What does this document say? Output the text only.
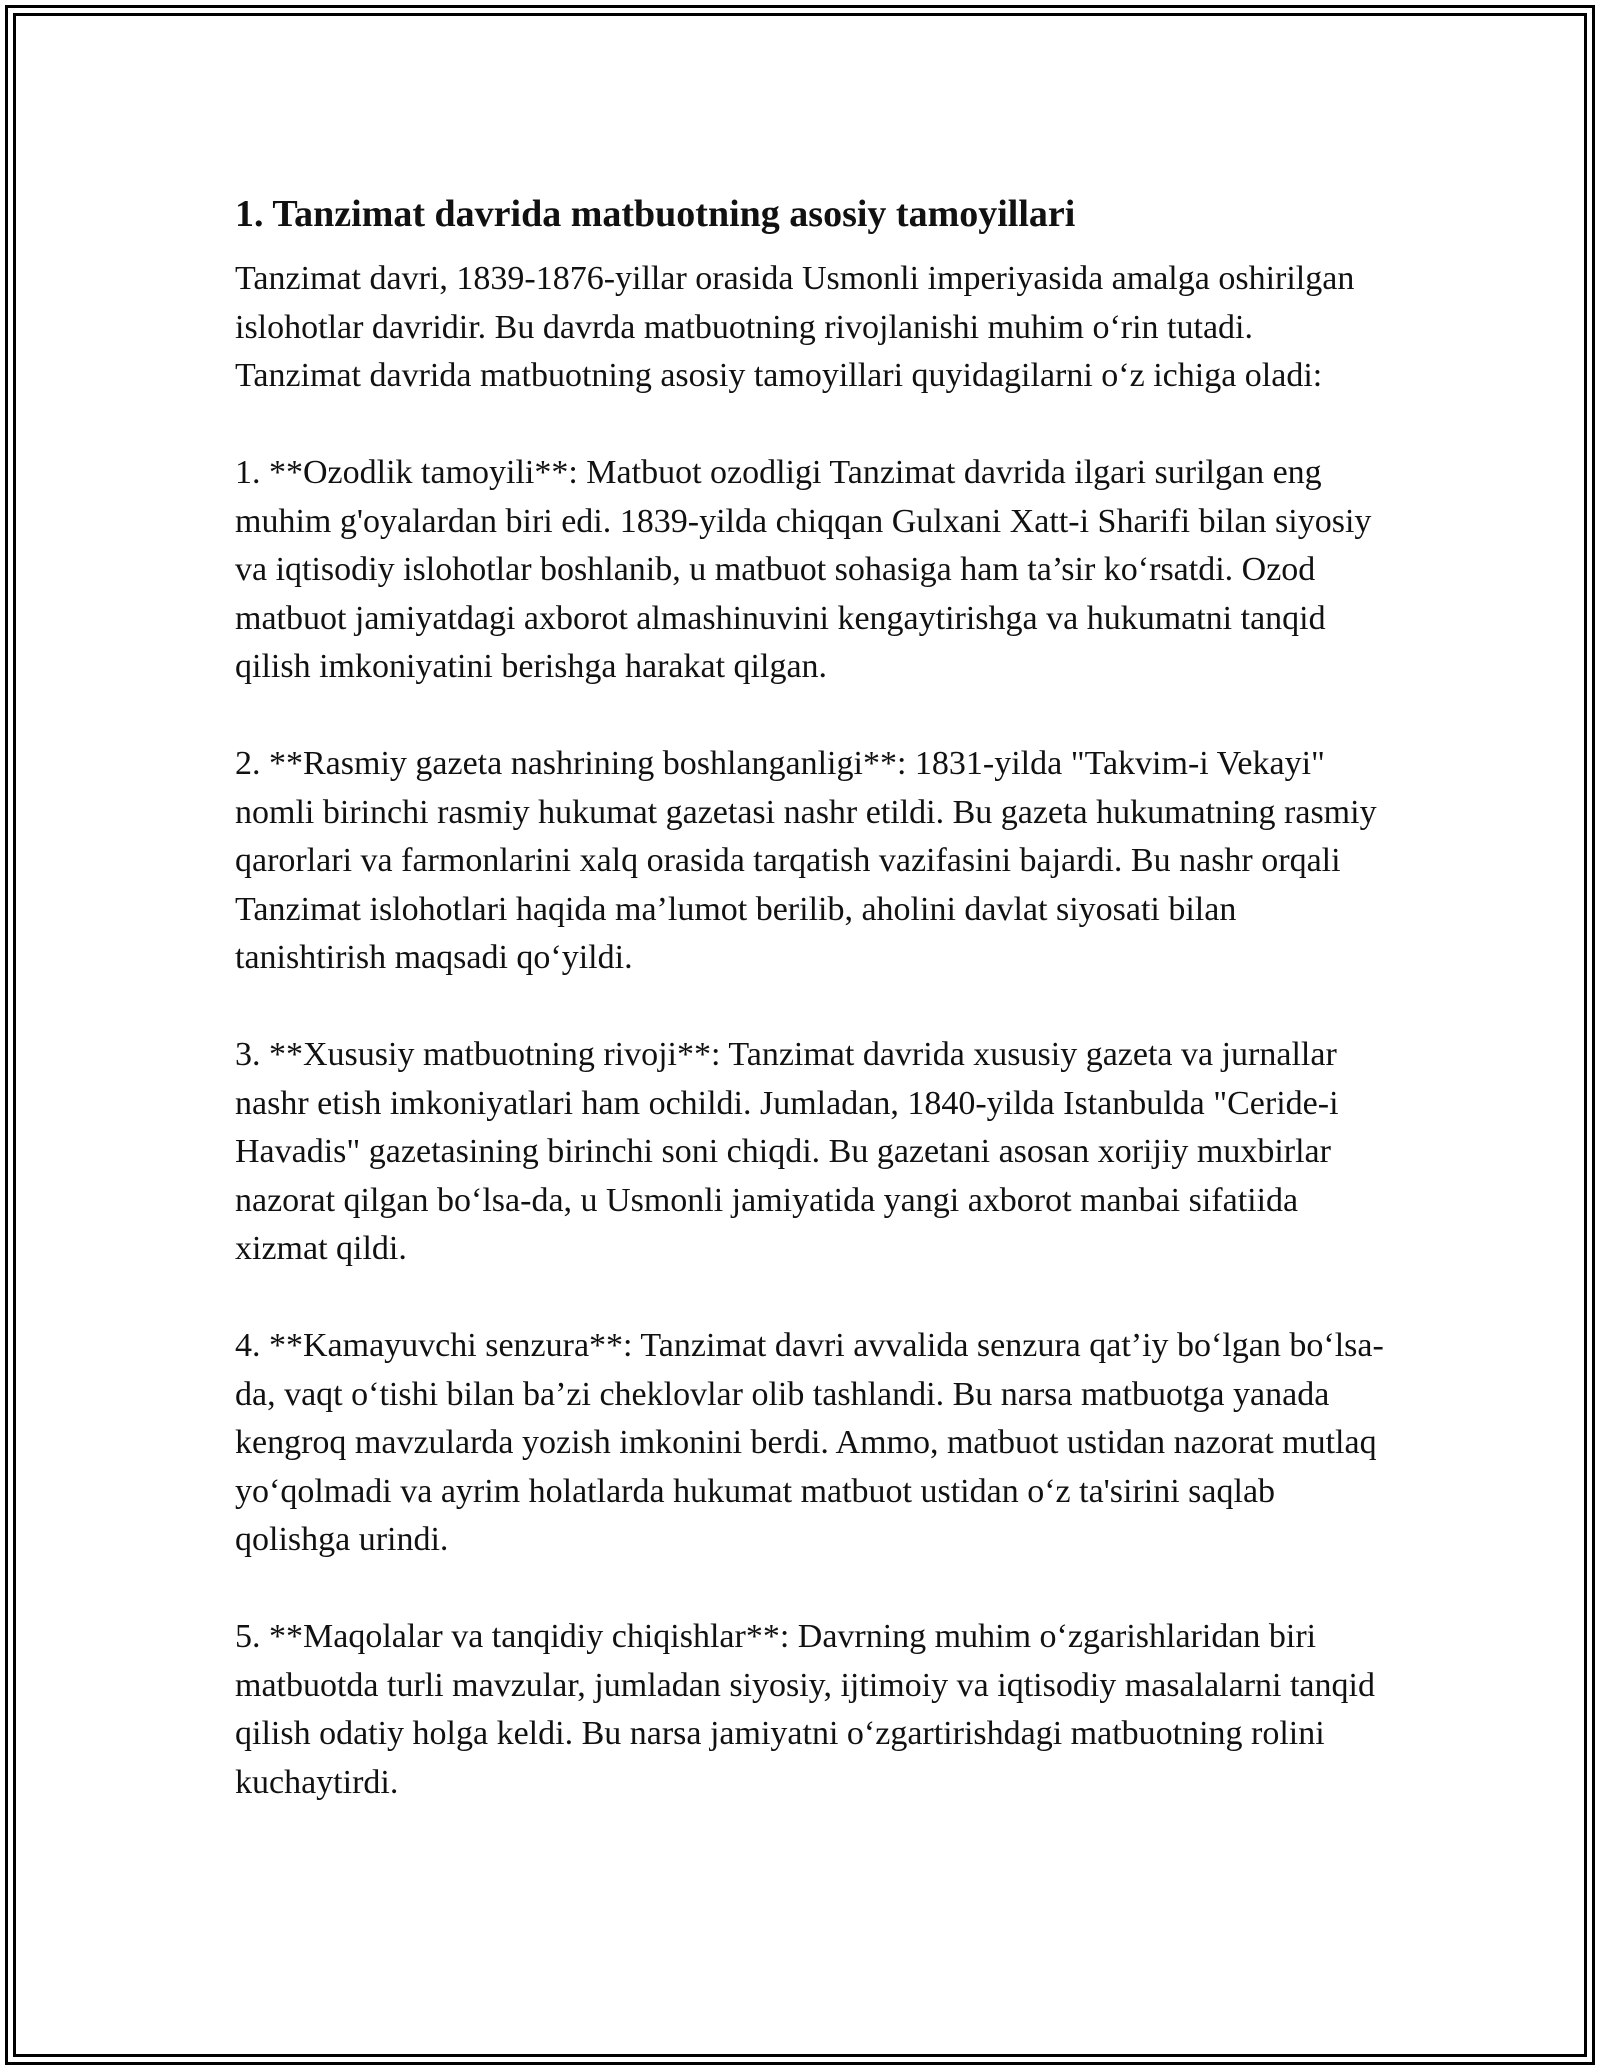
1. Tanzimat davrida matbuotning asosiy tamoyillari

Tanzimat davri, 1839-1876-yillar orasida Usmonli imperiyasida amalga oshirilgan islohotlar davridir. Bu davrda matbuotning rivojlanishi muhim o‘rin tutadi. Tanzimat davrida matbuotning asosiy tamoyillari quyidagilarni o‘z ichiga oladi:

1. **Ozodlik tamoyili**: Matbuot ozodligi Tanzimat davrida ilgari surilgan eng muhim g'oyalardan biri edi. 1839-yilda chiqqan Gulxani Xatt-i Sharifi bilan siyosiy va iqtisodiy islohotlar boshlanib, u matbuot sohasiga ham ta’sir ko‘rsatdi. Ozod matbuot jamiyatdagi axborot almashinuvini kengaytirishga va hukumatni tanqid qilish imkoniyatini berishga harakat qilgan.

2. **Rasmiy gazeta nashrining boshlanganligi**: 1831-yilda "Takvim-i Vekayi" nomli birinchi rasmiy hukumat gazetasi nashr etildi. Bu gazeta hukumatning rasmiy qarorlari va farmonlarini xalq orasida tarqatish vazifasini bajardi. Bu nashr orqali Tanzimat islohotlari haqida ma’lumot berilib, aholini davlat siyosati bilan tanishtirish maqsadi qo‘yildi.

3. **Xususiy matbuotning rivoji**: Tanzimat davrida xususiy gazeta va jurnallar nashr etish imkoniyatlari ham ochildi. Jumladan, 1840-yilda Istanbulda "Ceride-i Havadis" gazetasining birinchi soni chiqdi. Bu gazetani asosan xorijiy muxbirlar nazorat qilgan bo‘lsa-da, u Usmonli jamiyatida yangi axborot manbai sifatiida xizmat qildi.

4. **Kamayuvchi senzura**: Tanzimat davri avvalida senzura qat’iy bo‘lgan bo‘lsa-da, vaqt o‘tishi bilan ba’zi cheklovlar olib tashlandi. Bu narsa matbuotga yanada kengroq mavzularda yozish imkonini berdi. Ammo, matbuot ustidan nazorat mutlaq yo‘qolmadi va ayrim holatlarda hukumat matbuot ustidan o‘z ta'sirini saqlab qolishga urindi.

5. **Maqolalar va tanqidiy chiqishlar**: Davrning muhim o‘zgarishlaridan biri matbuotda turli mavzular, jumladan siyosiy, ijtimoiy va iqtisodiy masalalarni tanqid qilish odatiy holga keldi. Bu narsa jamiyatni o‘zgartirishdagi matbuotning rolini kuchaytirdi.
